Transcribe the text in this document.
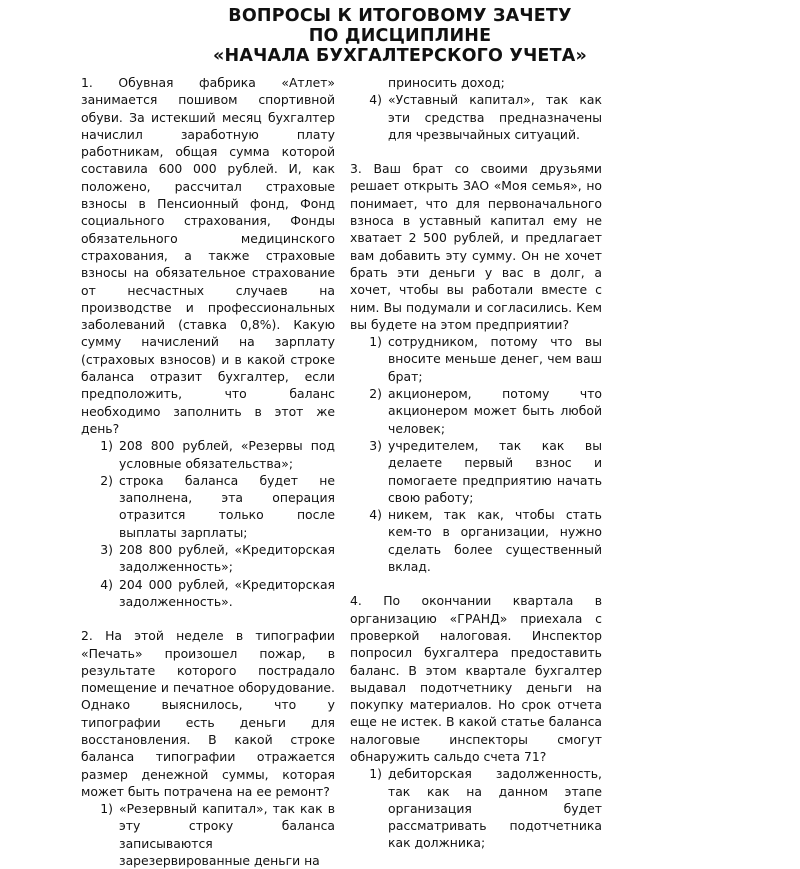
ВОПРОСЫ К ИТОГОВОМУ ЗАЧЕТУ
ПО ДИСЦИПЛИНЕ
«НАЧАЛА БУХГАЛТЕРСКОГО УЧЕТА»

1. Обувная фабрика «Атлет» занимается пошивом спортивной обуви. За истекший месяц бухгалтер начислил заработную плату работникам, общая сумма которой составила 600 000 рублей. И, как положено, рассчитал страховые взносы в Пенсионный фонд, Фонд социального страхования, Фонды обязательного медицинского страхования, а также страховые взносы на обязательное страхование от несчастных случаев на производстве и профессиональных заболеваний (ставка 0,8%). Какую сумму начислений на зарплату (страховых взносов) и в какой строке баланса отразит бухгалтер, если предположить, что баланс необходимо заполнить в этот же день?

1) 208 800 рублей, «Резервы под условные обязательства»;
2) строка баланса будет не заполнена, эта операция отразится только после выплаты зарплаты;
3) 208 800 рублей, «Кредиторская задолженность»;
4) 204 000 рублей, «Кредиторская задолженность».

2. На этой неделе в типографии «Печать» произошел пожар, в результате которого пострадало помещение и печатное оборудование. Однако выяснилось, что у типографии есть деньги для восстановления. В какой строке баланса типографии отражается размер денежной суммы, которая может быть потрачена на ее ремонт?

1) «Резервный капитал», так как в эту строку баланса записываются зарезервированные деньги на
приносить доход;
4) «Уставный капитал», так как эти средства предназначены для чрезвычайных ситуаций.

3. Ваш брат со своими друзьями решает открыть ЗАО «Моя семья», но понимает, что для первоначального взноса в уставный капитал ему не хватает 2 500 рублей, и предлагает вам добавить эту сумму. Он не хочет брать эти деньги у вас в долг, а хочет, чтобы вы работали вместе с ним. Вы подумали и согласились. Кем вы будете на этом предприятии?

1) сотрудником, потому что вы вносите меньше денег, чем ваш брат;
2) акционером, потому что акционером может быть любой человек;
3) учредителем, так как вы делаете первый взнос и помогаете предприятию начать свою работу;
4) никем, так как, чтобы стать кем-то в организации, нужно сделать более существенный вклад.

4. По окончании квартала в организацию «ГРАНД» приехала с проверкой налоговая. Инспектор попросил бухгалтера предоставить баланс. В этом квартале бухгалтер выдавал подотчетнику деньги на покупку материалов. Но срок отчета еще не истек. В какой статье баланса налоговые инспекторы смогут обнаружить сальдо счета 71?

1) дебиторская задолженность, так как на данном этапе организация будет рассматривать подотчетника как должника;
